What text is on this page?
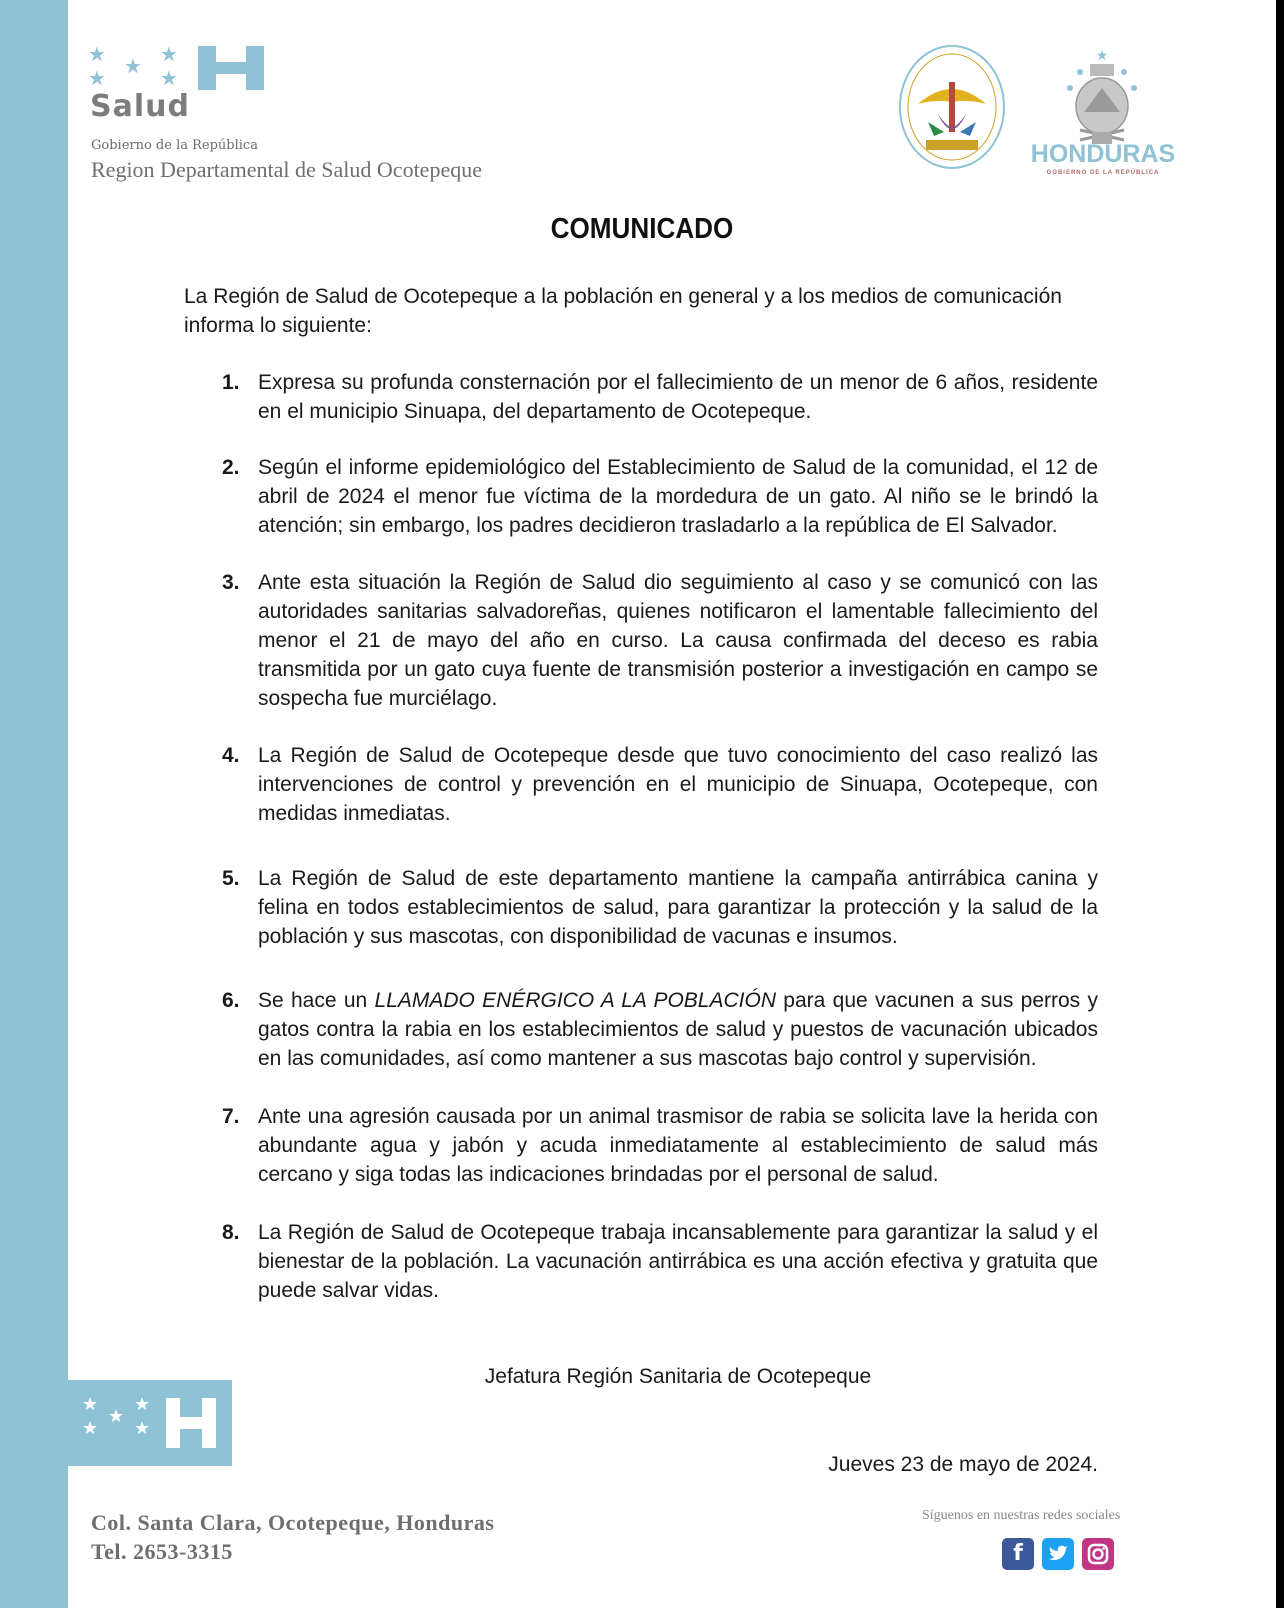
★	★
★
★	★
Salud
Gobierno de la República
Region Departamental de Salud Ocotepeque
★
HONDURAS
GOBIERNO DE LA REPÚBLICA
COMUNICADO
La Región de Salud de Ocotepeque a la población en general y a los medios de comunicación informa lo siguiente:
1. Expresa su profunda consternación por el fallecimiento de un menor de 6 años, residente en el municipio Sinuapa, del departamento de Ocotepeque.
2. Según el informe epidemiológico del Establecimiento de Salud de la comunidad, el 12 de abril de 2024 el menor fue víctima de la mordedura de un gato. Al niño se le brindó la atención; sin embargo, los padres decidieron trasladarlo a la república de El Salvador.
3. Ante esta situación la Región de Salud dio seguimiento al caso y se comunicó con las autoridades sanitarias salvadoreñas, quienes notificaron el lamentable fallecimiento del menor el 21 de mayo del año en curso. La causa confirmada del deceso es rabia transmitida por un gato cuya fuente de transmisión posterior a investigación en campo se sospecha fue murciélago.
4. La Región de Salud de Ocotepeque desde que tuvo conocimiento del caso realizó las intervenciones de control y prevención en el municipio de Sinuapa, Ocotepeque, con medidas inmediatas.
5. La Región de Salud de este departamento mantiene la campaña antirrábica canina y felina en todos establecimientos de salud, para garantizar la protección y la salud de la población y sus mascotas, con disponibilidad de vacunas e insumos.
6. Se hace un LLAMADO ENÉRGICO A LA POBLACIÓN para que vacunen a sus perros y gatos contra la rabia en los establecimientos de salud y puestos de vacunación ubicados en las comunidades, así como mantener a sus mascotas bajo control y supervisión.
7. Ante una agresión causada por un animal trasmisor de rabia se solicita lave la herida con abundante agua y jabón y acuda inmediatamente al establecimiento de salud más cercano y siga todas las indicaciones brindadas por el personal de salud.
8. La Región de Salud de Ocotepeque trabaja incansablemente para garantizar la salud y el bienestar de la población. La vacunación antirrábica es una acción efectiva y gratuita que puede salvar vidas.
Jefatura Región Sanitaria de Ocotepeque
Jueves 23 de mayo de 2024.
★ ★
★
★ ★
Col. Santa Clara, Ocotepeque, Honduras
Tel. 2653-3315
Síguenos en nuestras redes sociales
f
